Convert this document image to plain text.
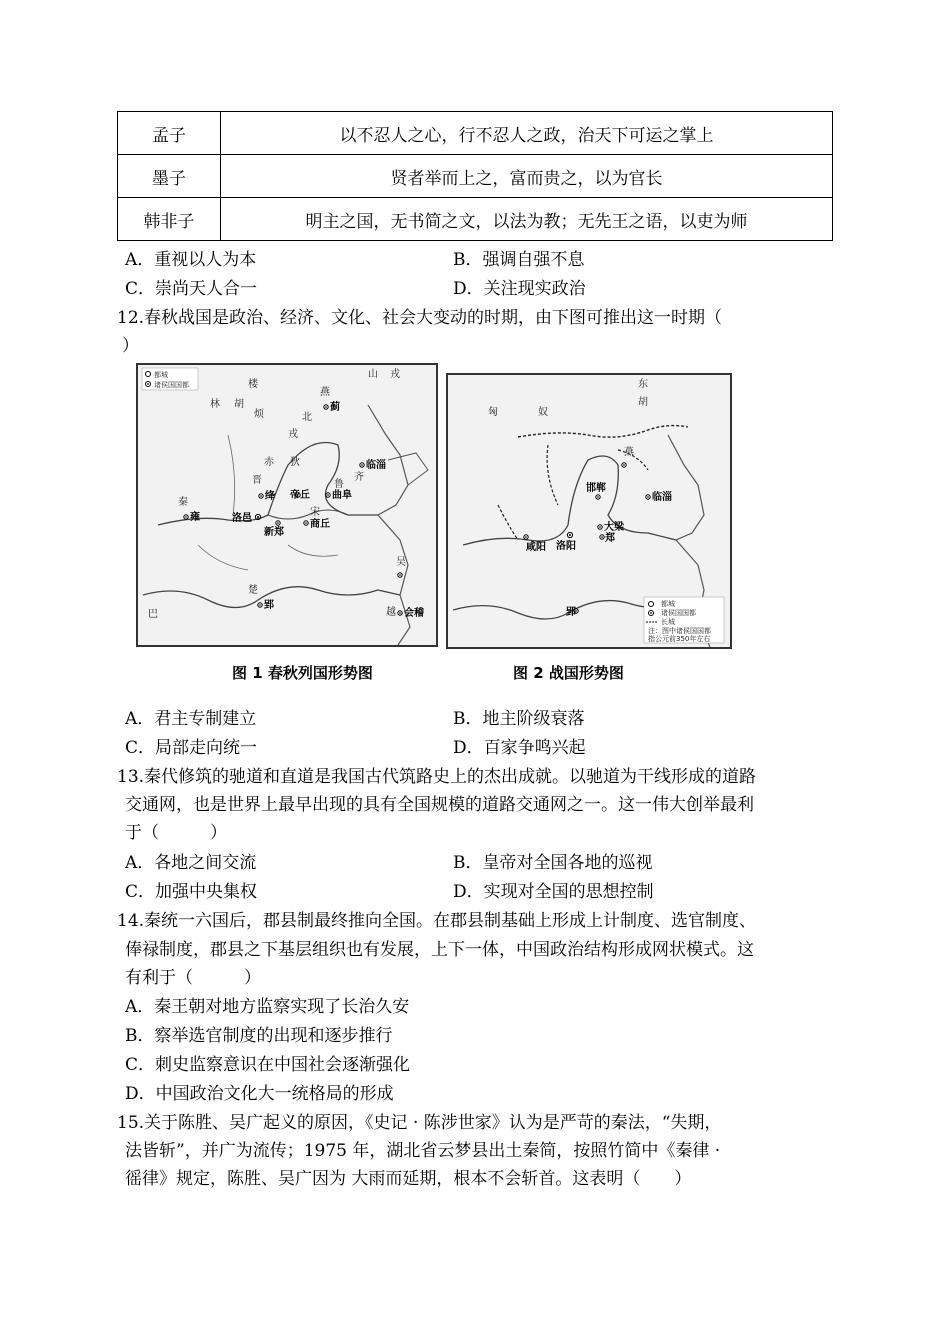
孟子	以不忍人之心，行不忍人之政，治天下可运之掌上
墨子	贤者举而上之，富而贵之，以为官长
韩非子	明主之国，无书简之文，以法为教；无先王之语，以吏为师
A．重视以人为本	B．强调自强不息
C．崇尚天人合一	D．关注现实政治
12.春秋战国是政治、经济、文化、社会大变动的时期，由下图可推出这一时期（
）
都城
诸侯国国都	楼
燕
山 戎
林 胡
烦	北
蓟
戎
赤 狄
晋
临淄
齐
秦
绛
鲁
曲阜
雍	洛邑
帝丘
宋
新郑
商丘
楚
吴
郢
越 会稽
巴
都城
诸侯国国都
长城
注：图中诸侯国国都
指公元前350年左右
东
匈	奴
胡
燕
邯郸
临淄
咸阳 洛阳
大梁
郑
郢
图 1 春秋列国形势图	图 2 战国形势图
A．君主专制建立	B．地主阶级衰落
C．局部走向统一	D．百家争鸣兴起
13.秦代修筑的驰道和直道是我国古代筑路史上的杰出成就。以驰道为干线形成的道路
交通网，也是世界上最早出现的具有全国规模的道路交通网之一。这一伟大创举最利
于（　　　）
A．各地之间交流	B．皇帝对全国各地的巡视
C．加强中央集权	D．实现对全国的思想控制
14.秦统一六国后，郡县制最终推向全国。在郡县制基础上形成上计制度、选官制度、
俸禄制度，郡县之下基层组织也有发展，上下一体，中国政治结构形成网状模式。这
有利于（　　　）
A．秦王朝对地方监察实现了长治久安
B．察举选官制度的出现和逐步推行
C．刺史监察意识在中国社会逐渐强化
D．中国政治文化大一统格局的形成
15.关于陈胜、吴广起义的原因，《史记 · 陈涉世家》认为是严苛的秦法，“失期，
法皆斩”，并广为流传；1975 年，湖北省云梦县出土秦简，按照竹简中《秦律 ·
徭律》规定，陈胜、吴广因为 大雨而延期，根本不会斩首。这表明（　　）
